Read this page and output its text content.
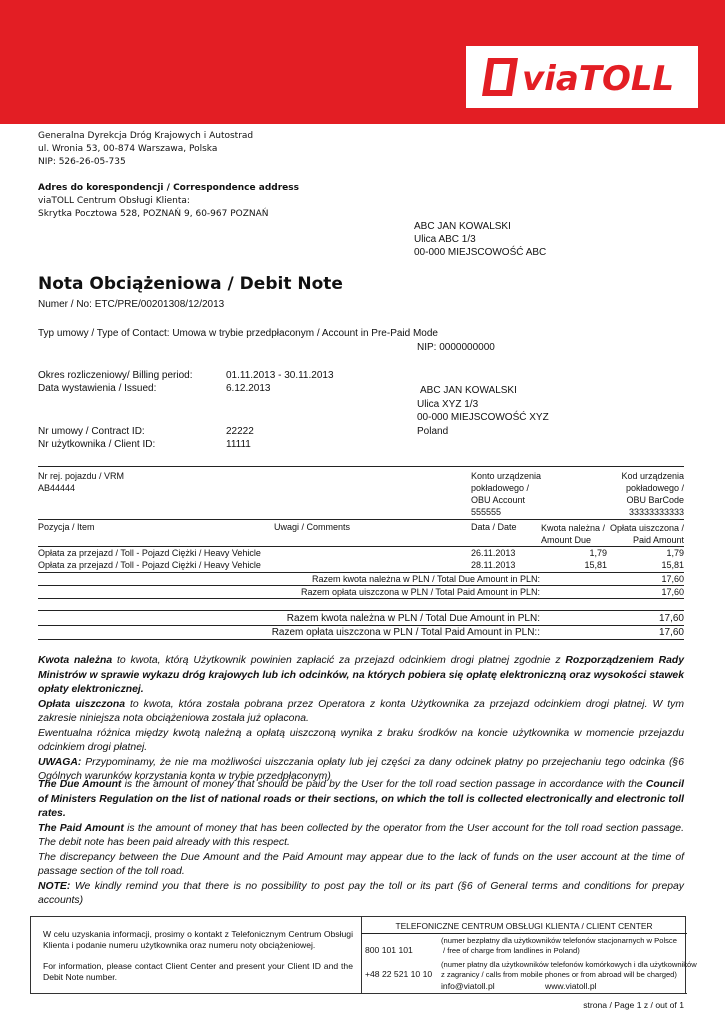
viaTOLL
Generalna Dyrekcja Dróg Krajowych i Autostrad
ul. Wronia 53, 00-874 Warszawa, Polska
NIP: 526-26-05-735
Adres do korespondencji / Correspondence address
viaTOLL Centrum Obsługi Klienta:
Skrytka Pocztowa 528, POZNAŃ 9, 60-967 POZNAŃ
ABC JAN KOWALSKI
Ulica ABC 1/3
00-000 MIEJSCOWOŚĆ ABC
Nota Obciążeniowa / Debit Note
Numer / No: ETC/PRE/00201308/12/2013
Typ umowy / Type of Contact: Umowa w trybie przedpłaconym / Account in Pre-Paid Mode
NIP: 0000000000
Okres rozliczeniowy/ Billing period:	01.11.2013 - 30.11.2013
Data wystawienia / Issued:	6.12.2013
Nr umowy / Contract ID:	22222
Nr użytkownika / Client ID:	11111
ABC JAN KOWALSKI
Ulica XYZ 1/3
00-000 MIEJSCOWOŚĆ XYZ
Poland
Nr rej. pojazdu / VRM
AB44444
Konto urządzenia
pokładowego /
OBU Account
555555
Kod urządzenia
pokładowego /
OBU BarCode
33333333333
Pozycja / Item	Uwagi / Comments	Data / Date	Kwota należna /
Amount Due
Opłata uiszczona /
Paid Amount
Opłata za przejazd / Toll - Pojazd Ciężki / Heavy Vehicle	26.11.2013	1,79	1,79
Opłata za przejazd / Toll - Pojazd Ciężki / Heavy Vehicle	28.11.2013	15,81	15,81
Razem kwota należna w PLN / Total Due Amount in PLN:	17,60
Razem opłata uiszczona w PLN / Total Paid Amount in PLN:	17,60
Razem kwota należna w PLN / Total Due Amount in PLN:	17,60
Razem opłata uiszczona w PLN / Total Paid Amount in PLN::	17,60
Kwota należna to kwota, którą Użytkownik powinien zapłacić za przejazd odcinkiem drogi płatnej zgodnie z Rozporządzeniem Rady Ministrów w sprawie wykazu dróg krajowych lub ich odcinków, na których pobiera się opłatę elektroniczną oraz wysokości stawek opłaty elektronicznej.
Opłata uiszczona to kwota, która została pobrana przez Operatora z konta Użytkownika za przejazd odcinkiem drogi płatnej. W tym zakresie niniejsza nota obciążeniowa została już opłacona.
Ewentualna różnica między kwotą należną a opłatą uiszczoną wynika z braku środków na koncie użytkownika w momencie przejazdu odcinkiem drogi płatnej.
UWAGA: Przypominamy, że nie ma możliwości uiszczania opłaty lub jej części za dany odcinek płatny po przejechaniu tego odcinka (§6 Ogólnych warunków korzystania konta w trybie przedpłaconym)
The Due Amount is the amount of money that should be paid by the User for the toll road section passage in accordance with the Council of Ministers Regulation on the list of national roads or their sections, on which the toll is collected electronically and electronic toll rates.
The Paid Amount is the amount of money that has been collected by the operator from the User account for the toll road section passage. The debit note has been paid already with this respect.
The discrepancy between the Due Amount and the Paid Amount may appear due to the lack of funds on the user account at the time of passage section of the toll road.
NOTE: We kindly remind you that there is no possibility to post pay the toll or its part (§6 of General terms and conditions for prepay accounts)
W celu uzyskania informacji, prosimy o kontakt z Telefonicznym Centrum Obsługi Klienta i podanie numeru użytkownika oraz numeru noty obciążeniowej.
For information, please contact Client Center and present your Client ID and the Debit Note number.
TELEFONICZNE CENTRUM OBSŁUGI KLIENTA / CLIENT CENTER
800 101 101
(numer bezpłatny dla użytkowników telefonów stacjonarnych w Polsce
/ free of charge from landlines in Poland)
+48 22 521 10 10
(numer płatny dla użytkowników telefonów komórkowych i dla użytkowników
z zagranicy / calls from mobile phones or from abroad will be charged)
info@viatoll.pl	www.viatoll.pl
strona / Page 1 z / out of 1
